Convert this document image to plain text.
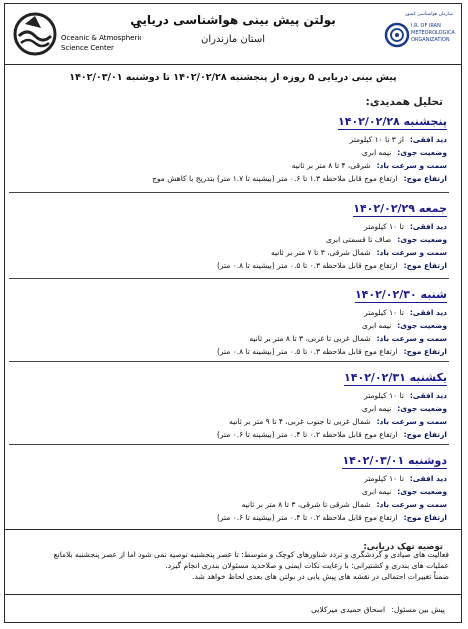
ی
Oceanic & Atmospheric
Science Center
بولتن پیش بینی هواشناسی دریایی
استان مازندران
سازمان هواشناسی کشور
I.R. OF IRAN
METEOROLOGICAL
ORGANIZATION
پیش بینی دریایی ۵ روزه از پنجشنبه ۱۴۰۲/۰۲/۲۸ تا دوشنبه ۱۴۰۲/۰۳/۰۱
تحلیل همدیدی:
پنجشنبه ۱۴۰۲/۰۲/۲۸
دید افقی:از ۳ تا ۱۰ کیلومتر
وضعیت جوی:نیمه ابری
سمت و سرعت باد:شرقی، ۴ تا ۸ متر بر ثانیه
ارتفاع موج:ارتفاع موج قابل ملاحظه ۱.۳ تا ۰.۶ متر (بیشینه تا ۱.۷ متر) بتدریج با کاهش موج
جمعه ۱۴۰۲/۰۲/۲۹
دید افقی:تا ۱۰ کیلومتر
وضعیت جوی:صاف تا قسمتی ابری
سمت و سرعت باد:شمال شرقی، ۳ تا ۷ متر بر ثانیه
ارتفاع موج:ارتفاع موج قابل ملاحظه ۰.۳ تا ۰.۵ متر (بیشینه تا ۰.۸ متر)
شنبه ۱۴۰۲/۰۲/۳۰
دید افقی:تا ۱۰ کیلومتر
وضعیت جوی:نیمه ابری
سمت و سرعت باد:شمال غربی تا غربی، ۳ تا ۸ متر بر ثانیه
ارتفاع موج:ارتفاع موج قابل ملاحظه ۰.۳ تا ۰.۵ متر (بیشینه تا ۰.۸ متر)
یکشنبه ۱۴۰۲/۰۲/۳۱
دید افقی:تا ۱۰ کیلومتر
وضعیت جوی:نیمه ابری
سمت و سرعت باد:شمال غربی تا جنوب غربی، ۴ تا ۹ متر بر ثانیه
ارتفاع موج:ارتفاع موج قابل ملاحظه ۰.۲ تا ۰.۴ متر (بیشینه تا ۰.۶ متر)
دوشنبه ۱۴۰۲/۰۳/۰۱
دید افقی:تا ۱۰ کیلومتر
وضعیت جوی:نیمه ابری
سمت و سرعت باد:شمال شرقی تا شرقی، ۳ تا ۸ متر بر ثانیه
ارتفاع موج:ارتفاع موج قابل ملاحظه ۰.۲ تا ۰.۴ متر (بیشینه تا ۰.۶ متر)
توصیه تهک دریایی:
فعالیت های صیادی و گردشگری و تردد شناورهای کوچک و متوسط: تا عصر پنجشنبه توصیه نمی شود اما از عصر پنجشنبه بلامانع
عملیات های بندری و کشتیرانی: با رعایت نکات ایمنی و صلاحدید مسئولان بندری انجام گیرد.
ضمناً تغییرات احتمالی در نقشه های پیش یابی در بولتن های بعدی لحاظ خواهد شد.
پیش بین مسئول: اسحاق حمیدی میرکلایی
